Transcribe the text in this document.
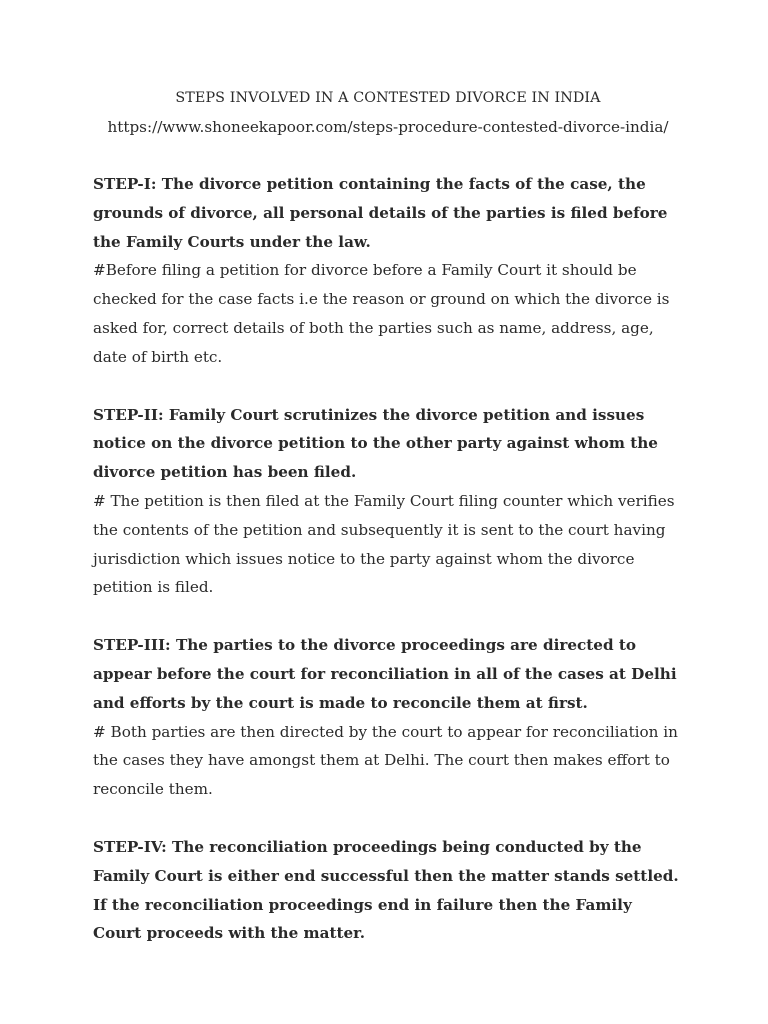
STEPS INVOLVED IN A CONTESTED DIVORCE IN INDIA

https://www.shoneekapoor.com/steps-procedure-contested-divorce-india/

STEP-I: The divorce petition containing the facts of the case, the grounds of divorce, all personal details of the parties is filed before the Family Courts under the law.

#Before filing a petition for divorce before a Family Court it should be checked for the case facts i.e the reason or ground on which the divorce is asked for, correct details of both the parties such as name, address, age, date of birth etc.

STEP-II: Family Court scrutinizes the divorce petition and issues notice on the divorce petition to the other party against whom the divorce petition has been filed.

# The petition is then filed at the Family Court filing counter which verifies the contents of the petition and subsequently it is sent to the court having jurisdiction which issues notice to the party against whom the divorce petition is filed.

STEP-III: The parties to the divorce proceedings are directed to appear before the court for reconciliation in all of the cases at Delhi and efforts by the court is made to reconcile them at first.

# Both parties are then directed by the court to appear for reconciliation in the cases they have amongst them at Delhi. The court then makes effort to reconcile them.

STEP-IV: The reconciliation proceedings being conducted by the Family Court is either end successful then the matter stands settled. If the reconciliation proceedings end in failure then the Family Court proceeds with the matter.
